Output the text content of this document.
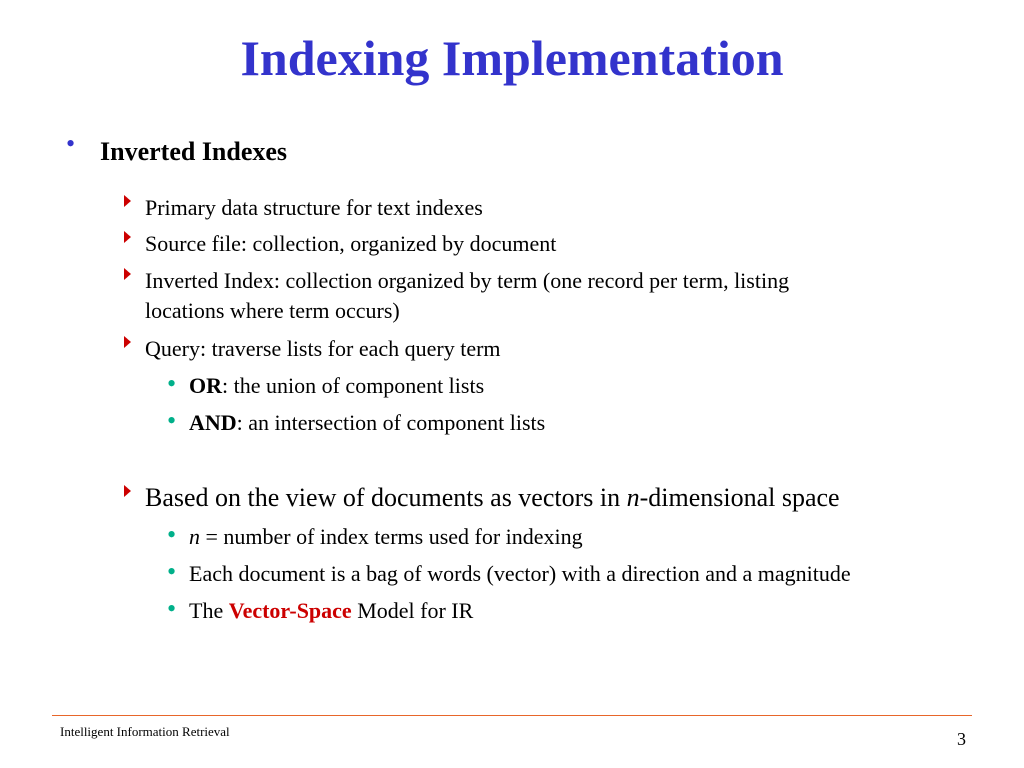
Indexing Implementation
• Inverted Indexes
Primary data structure for text indexes
Source file: collection, organized by document
Inverted Index: collection organized by term (one record per term, listing
locations where term occurs)
Query: traverse lists for each query term
• OR: the union of component lists
• AND: an intersection of component lists
Based on the view of documents as vectors in n-dimensional space
• n = number of index terms used for indexing
• Each document is a bag of words (vector) with a direction and a magnitude
• The Vector-Space Model for IR
Intelligent Information Retrieval	3
